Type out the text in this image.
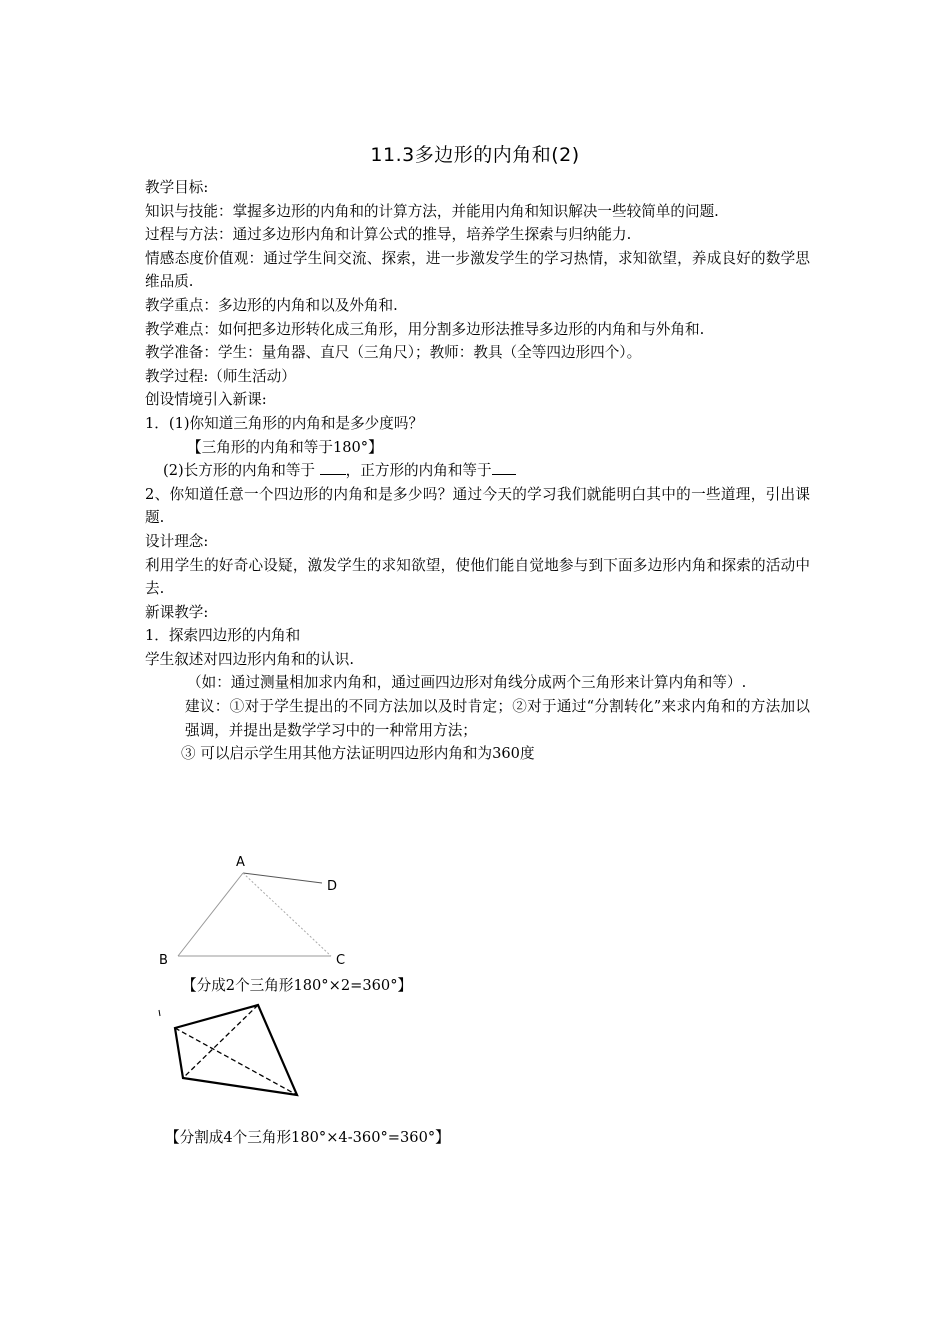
11.3多边形的内角和(2)

教学目标:

知识与技能：掌握多边形的内角和的计算方法，并能用内角和知识解决一些较简单的问题.

过程与方法：通过多边形内角和计算公式的推导，培养学生探索与归纳能力.

情感态度价值观：通过学生间交流、探索，进一步激发学生的学习热情，求知欲望，养成良好的数学思维品质.

教学重点：多边形的内角和以及外角和.

教学难点：如何把多边形转化成三角形，用分割多边形法推导多边形的内角和与外角和.

教学准备：学生：量角器、直尺（三角尺）；教师：教具（全等四边形四个）。

教学过程:（师生活动）

创设情境引入新课:

1．(1)你知道三角形的内角和是多少度吗？

【三角形的内角和等于180°】

(2)长方形的内角和等于 ，正方形的内角和等于

2、你知道任意一个四边形的内角和是多少吗？通过今天的学习我们就能明白其中的一些道理，引出课题.

设计理念:

利用学生的好奇心设疑，激发学生的求知欲望，使他们能自觉地参与到下面多边形内角和探索的活动中去.

新课教学:

1．探索四边形的内角和

学生叙述对四边形内角和的认识.

（如：通过测量相加求内角和，通过画四边形对角线分成两个三角形来计算内角和等）.

建议：①对于学生提出的不同方法加以及时肯定；②对于通过“分割转化”来求内角和的方法加以强调，并提出是数学学习中的一种常用方法；

③ 可以启示学生用其他方法证明四边形内角和为360度

A
D
B	C
【分成2个三角形180°×2=360°】
【分割成4个三角形180°×4-360°=360°】
